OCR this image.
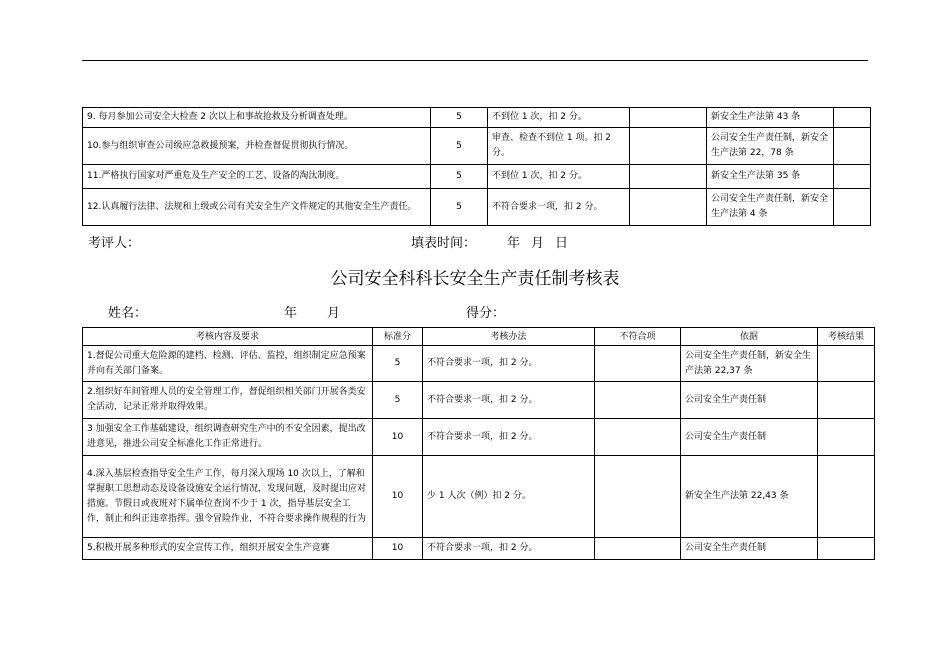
9. 每月参加公司安全大检查 2 次以上和事故抢救及分析调查处理。	5	不到位 1 次，扣 2 分。		新安全生产法第 43 条	
10.参与组织审查公司级应急救援预案，并检查督促贯彻执行情况。	5	审查、检查不到位 1 项。扣 2 分。		公司安全生产责任制，新安全生产法第 22，78 条	
11.严格执行国家对严重危及生产安全的工艺、设备的淘汰制度。	5	不到位 1 次，扣 2 分。		新安全生产法第 35 条	
12.认真履行法律、法规和上级或公司有关安全生产文件规定的其他安全生产责任。	5	不符合要求一项，扣 2 分。		公司安全生产责任制，新安全生产法第 4 条	
考评人：	填表时间： 年 月 日
公司安全科科长安全生产责任制考核表
姓名：	年 月	得分：
考核内容及要求	标准分	考核办法	不符合项	依据	考核结果
1.督促公司重大危险源的建档、检测、评估、监控，组织制定应急预案并向有关部门备案。	5	不符合要求一项，扣 2 分。		公司安全生产责任制，新安全生产法第 22,37 条	
2.组织好车间管理人员的安全管理工作，督促组织相关部门开展各类安全活动，记录正常并取得效果。	5	不符合要求一项，扣 2 分。		公司安全生产责任制	
3 加强安全工作基础建设，组织调查研究生产中的不安全因素，提出改进意见，推进公司安全标准化工作正常进行。	10	不符合要求一项，扣 2 分。		公司安全生产责任制	
4.深入基层检查指导安全生产工作，每月深入现场 10 次以上，了解和掌握职工思想动态及设备设施安全运行情况，发现问题，及时提出应对措施。节假日或夜班对下属单位查岗不少于 1 次，指导基层安全工作，制止和纠正违章指挥。强令冒险作业，不符合要求操作规程的行为	10	少 1 人次（例）扣 2 分。		新安全生产法第 22,43 条	
5.积极开展多种形式的安全宣传工作，组织开展安全生产竞赛	10	不符合要求一项，扣 2 分。		公司安全生产责任制	
